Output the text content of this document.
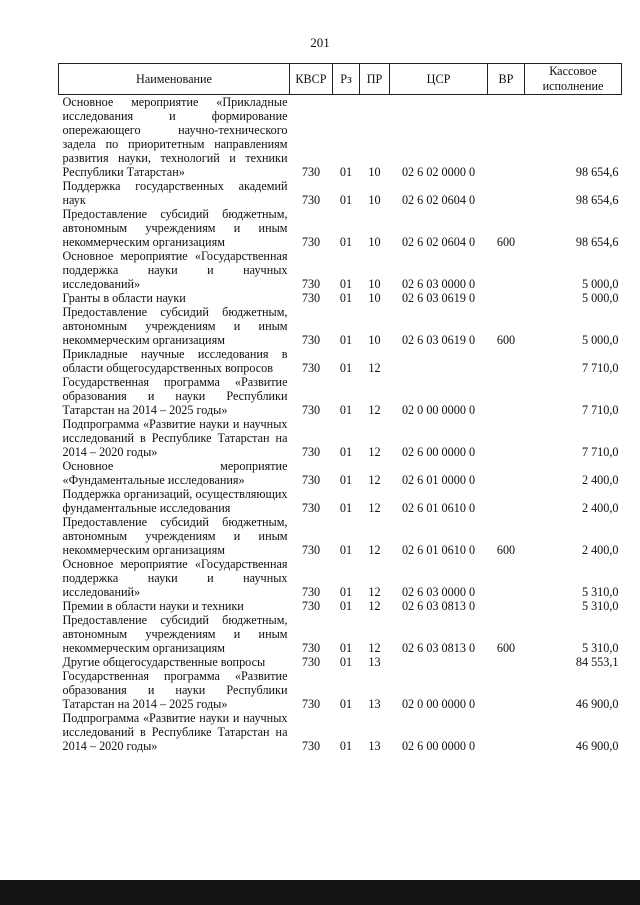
201
Наименование	КВСР	Рз	ПР	ЦСР	ВР	Кассовое исполнение
Основное мероприятие «Прикладные исследования и формирование опережающего научно-технического задела по приоритетным направлениям развития науки, технологий и техники Республики Татарстан»	730	01	10	02 6 02 0000 0		98 654,6
Поддержка государственных академий наук	730	01	10	02 6 02 0604 0		98 654,6
Предоставление субсидий бюджетным, автономным учреждениям и иным некоммерческим организациям	730	01	10	02 6 02 0604 0	600	98 654,6
Основное мероприятие «Государственная поддержка науки и научных исследований»	730	01	10	02 6 03 0000 0		5 000,0
Гранты в области науки	730	01	10	02 6 03 0619 0		5 000,0
Предоставление субсидий бюджетным, автономным учреждениям и иным некоммерческим организациям	730	01	10	02 6 03 0619 0	600	5 000,0
Прикладные научные исследования в области общегосударственных вопросов	730	01	12			7 710,0
Государственная программа «Развитие образования и науки Республики Татарстан на 2014 – 2025 годы»	730	01	12	02 0 00 0000 0		7 710,0
Подпрограмма «Развитие науки и научных исследований в Республике Татарстан на 2014 – 2020 годы»	730	01	12	02 6 00 0000 0		7 710,0
Основное мероприятие «Фундаментальные исследования»	730	01	12	02 6 01 0000 0		2 400,0
Поддержка организаций, осуществляющих фундаментальные исследования	730	01	12	02 6 01 0610 0		2 400,0
Предоставление субсидий бюджетным, автономным учреждениям и иным некоммерческим организациям	730	01	12	02 6 01 0610 0	600	2 400,0
Основное мероприятие «Государственная поддержка науки и научных исследований»	730	01	12	02 6 03 0000 0		5 310,0
Премии в области науки и техники	730	01	12	02 6 03 0813 0		5 310,0
Предоставление субсидий бюджетным, автономным учреждениям и иным некоммерческим организациям	730	01	12	02 6 03 0813 0	600	5 310,0
Другие общегосударственные вопросы	730	01	13			84 553,1
Государственная программа «Развитие образования и науки Республики Татарстан на 2014 – 2025 годы»	730	01	13	02 0 00 0000 0		46 900,0
Подпрограмма «Развитие науки и научных исследований в Республике Татарстан на 2014 – 2020 годы»	730	01	13	02 6 00 0000 0		46 900,0
